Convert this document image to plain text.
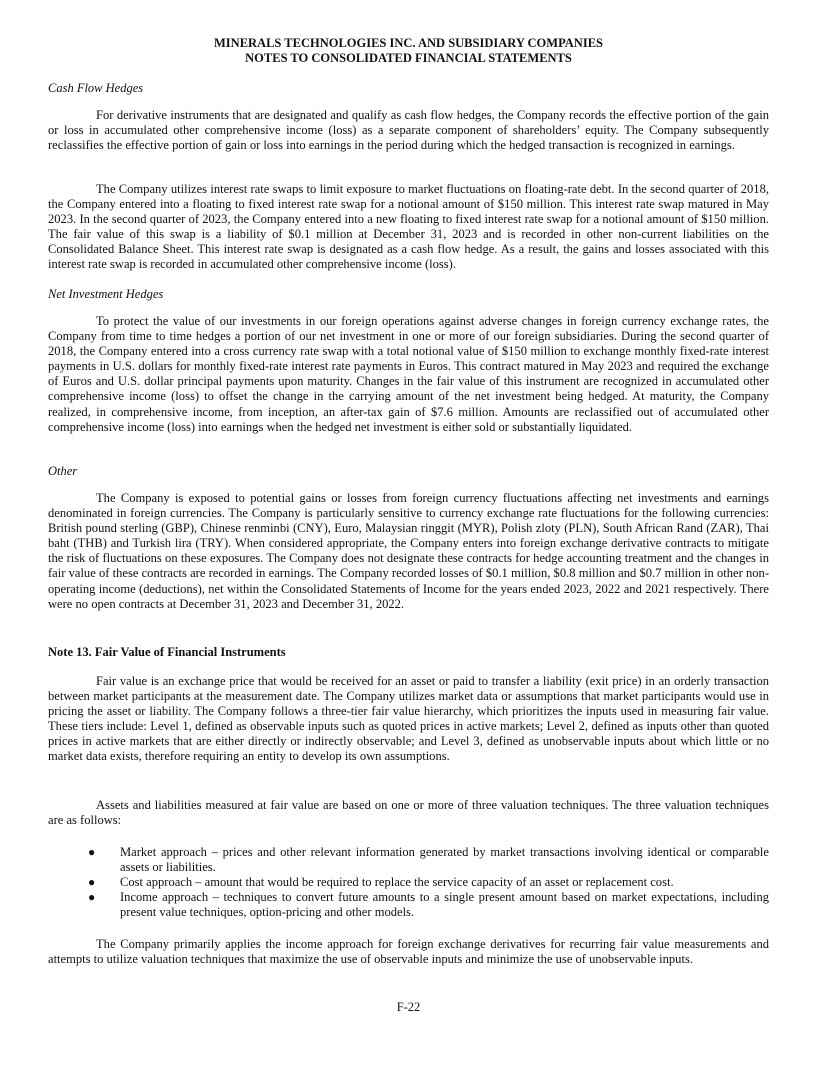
MINERALS TECHNOLOGIES INC. AND SUBSIDIARY COMPANIES
NOTES TO CONSOLIDATED FINANCIAL STATEMENTS
Cash Flow Hedges

For derivative instruments that are designated and qualify as cash flow hedges, the Company records the effective portion of the gain or loss in accumulated other comprehensive income (loss) as a separate component of shareholders’ equity. The Company subsequently reclassifies the effective portion of gain or loss into earnings in the period during which the hedged transaction is recognized in earnings.

The Company utilizes interest rate swaps to limit exposure to market fluctuations on floating-rate debt. In the second quarter of 2018, the Company entered into a floating to fixed interest rate swap for a notional amount of $150 million. This interest rate swap matured in May 2023. In the second quarter of 2023, the Company entered into a new floating to fixed interest rate swap for a notional amount of $150 million. The fair value of this swap is a liability of $0.1 million at December 31, 2023 and is recorded in other non-current liabilities on the Consolidated Balance Sheet. This interest rate swap is designated as a cash flow hedge. As a result, the gains and losses associated with this interest rate swap is recorded in accumulated other comprehensive income (loss).

Net Investment Hedges

To protect the value of our investments in our foreign operations against adverse changes in foreign currency exchange rates, the Company from time to time hedges a portion of our net investment in one or more of our foreign subsidiaries. During the second quarter of 2018, the Company entered into a cross currency rate swap with a total notional value of $150 million to exchange monthly fixed-rate interest payments in U.S. dollars for monthly fixed-rate interest rate payments in Euros. This contract matured in May 2023 and required the exchange of Euros and U.S. dollar principal payments upon maturity. Changes in the fair value of this instrument are recognized in accumulated other comprehensive income (loss) to offset the change in the carrying amount of the net investment being hedged. At maturity, the Company realized, in comprehensive income, from inception, an after-tax gain of $7.6 million. Amounts are reclassified out of accumulated other comprehensive income (loss) into earnings when the hedged net investment is either sold or substantially liquidated.

Other

The Company is exposed to potential gains or losses from foreign currency fluctuations affecting net investments and earnings denominated in foreign currencies. The Company is particularly sensitive to currency exchange rate fluctuations for the following currencies: British pound sterling (GBP), Chinese renminbi (CNY), Euro, Malaysian ringgit (MYR), Polish zloty (PLN), South African Rand (ZAR), Thai baht (THB) and Turkish lira (TRY). When considered appropriate, the Company enters into foreign exchange derivative contracts to mitigate the risk of fluctuations on these exposures. The Company does not designate these contracts for hedge accounting treatment and the changes in fair value of these contracts are recorded in earnings. The Company recorded losses of $0.1 million, $0.8 million and $0.7 million in other non-operating income (deductions), net within the Consolidated Statements of Income for the years ended 2023, 2022 and 2021 respectively. There were no open contracts at December 31, 2023 and December 31, 2022.

Note 13. Fair Value of Financial Instruments

Fair value is an exchange price that would be received for an asset or paid to transfer a liability (exit price) in an orderly transaction between market participants at the measurement date. The Company utilizes market data or assumptions that market participants would use in pricing the asset or liability. The Company follows a three-tier fair value hierarchy, which prioritizes the inputs used in measuring fair value. These tiers include: Level 1, defined as observable inputs such as quoted prices in active markets; Level 2, defined as inputs other than quoted prices in active markets that are either directly or indirectly observable; and Level 3, defined as unobservable inputs about which little or no market data exists, therefore requiring an entity to develop its own assumptions.

Assets and liabilities measured at fair value are based on one or more of three valuation techniques. The three valuation techniques are as follows:

● Market approach – prices and other relevant information generated by market transactions involving identical or comparable assets or liabilities.
● Cost approach – amount that would be required to replace the service capacity of an asset or replacement cost.
● Income approach – techniques to convert future amounts to a single present amount based on market expectations, including present value techniques, option-pricing and other models.

The Company primarily applies the income approach for foreign exchange derivatives for recurring fair value measurements and attempts to utilize valuation techniques that maximize the use of observable inputs and minimize the use of unobservable inputs.

F-22
